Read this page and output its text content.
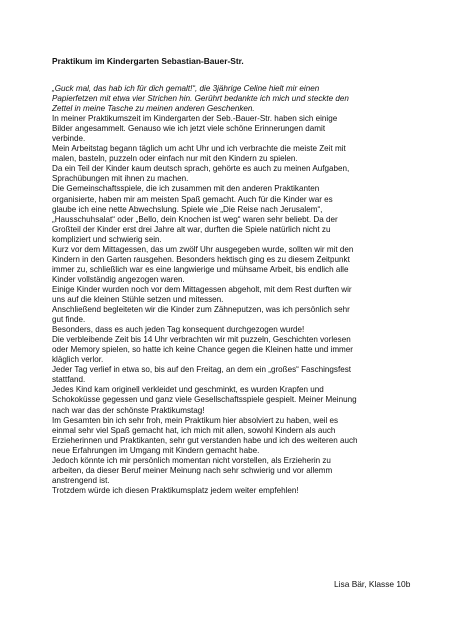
Praktikum im Kindergarten Sebastian-Bauer-Str.
„Guck mal, das hab ich für dich gemalt!“, die 3jährige Celine hielt mir einen
Papierfetzen mit etwa vier Strichen hin. Gerührt bedankte ich mich und steckte den
Zettel in meine Tasche zu meinen anderen Geschenken.
In meiner Praktikumszeit im Kindergarten der Seb.-Bauer-Str. haben sich einige
Bilder angesammelt. Genauso wie ich jetzt viele schöne Erinnerungen damit
verbinde.
Mein Arbeitstag begann täglich um acht Uhr und ich verbrachte die meiste Zeit mit
malen, basteln, puzzeln oder einfach nur mit den Kindern zu spielen.
Da ein Teil der Kinder kaum deutsch sprach, gehörte es auch zu meinen Aufgaben,
Sprachübungen mit ihnen zu machen.
Die Gemeinschaftsspiele, die ich zusammen mit den anderen Praktikanten
organisierte, haben mir am meisten Spaß gemacht. Auch für die Kinder war es
glaube ich eine nette Abwechslung. Spiele wie „Die Reise nach Jerusalem“,
„Hausschuhsalat“ oder „Bello, dein Knochen ist weg“ waren sehr beliebt. Da der
Großteil der Kinder erst drei Jahre alt war, durften die Spiele natürlich nicht zu
kompliziert und schwierig sein.
Kurz vor dem Mittagessen, das um zwölf Uhr ausgegeben wurde, sollten wir mit den
Kindern in den Garten rausgehen. Besonders hektisch ging es zu diesem Zeitpunkt
immer zu, schließlich war es eine langwierige und mühsame Arbeit, bis endlich alle
Kinder vollständig angezogen waren.
Einige Kinder wurden noch vor dem Mittagessen abgeholt, mit dem Rest durften wir
uns auf die kleinen Stühle setzen und mitessen.
Anschließend begleiteten wir die Kinder zum Zähneputzen, was ich persönlich sehr
gut finde.
Besonders, dass es auch jeden Tag konsequent durchgezogen wurde!
Die verbleibende Zeit bis 14 Uhr verbrachten wir mit puzzeln, Geschichten vorlesen
oder Memory spielen, so hatte ich keine Chance gegen die Kleinen hatte und immer
kläglich verlor.
Jeder Tag verlief in etwa so, bis auf den Freitag, an dem ein „großes“ Faschingsfest
stattfand.
Jedes Kind kam originell verkleidet und geschminkt, es wurden Krapfen und
Schokoküsse gegessen und ganz viele Gesellschaftsspiele gespielt. Meiner Meinung
nach war das der schönste Praktikumstag!
Im Gesamten bin ich sehr froh, mein Praktikum hier absolviert zu haben, weil es
einmal sehr viel Spaß gemacht hat, ich mich mit allen, sowohl Kindern als auch
Erzieherinnen und Praktikanten, sehr gut verstanden habe und ich des weiteren auch
neue Erfahrungen im Umgang mit Kindern gemacht habe.
Jedoch könnte ich mir persönlich momentan nicht vorstellen, als Erzieherin zu
arbeiten, da dieser Beruf meiner Meinung nach sehr schwierig und vor allemm
anstrengend ist.
Trotzdem würde ich diesen Praktikumsplatz jedem weiter empfehlen!
Lisa Bär, Klasse 10b
